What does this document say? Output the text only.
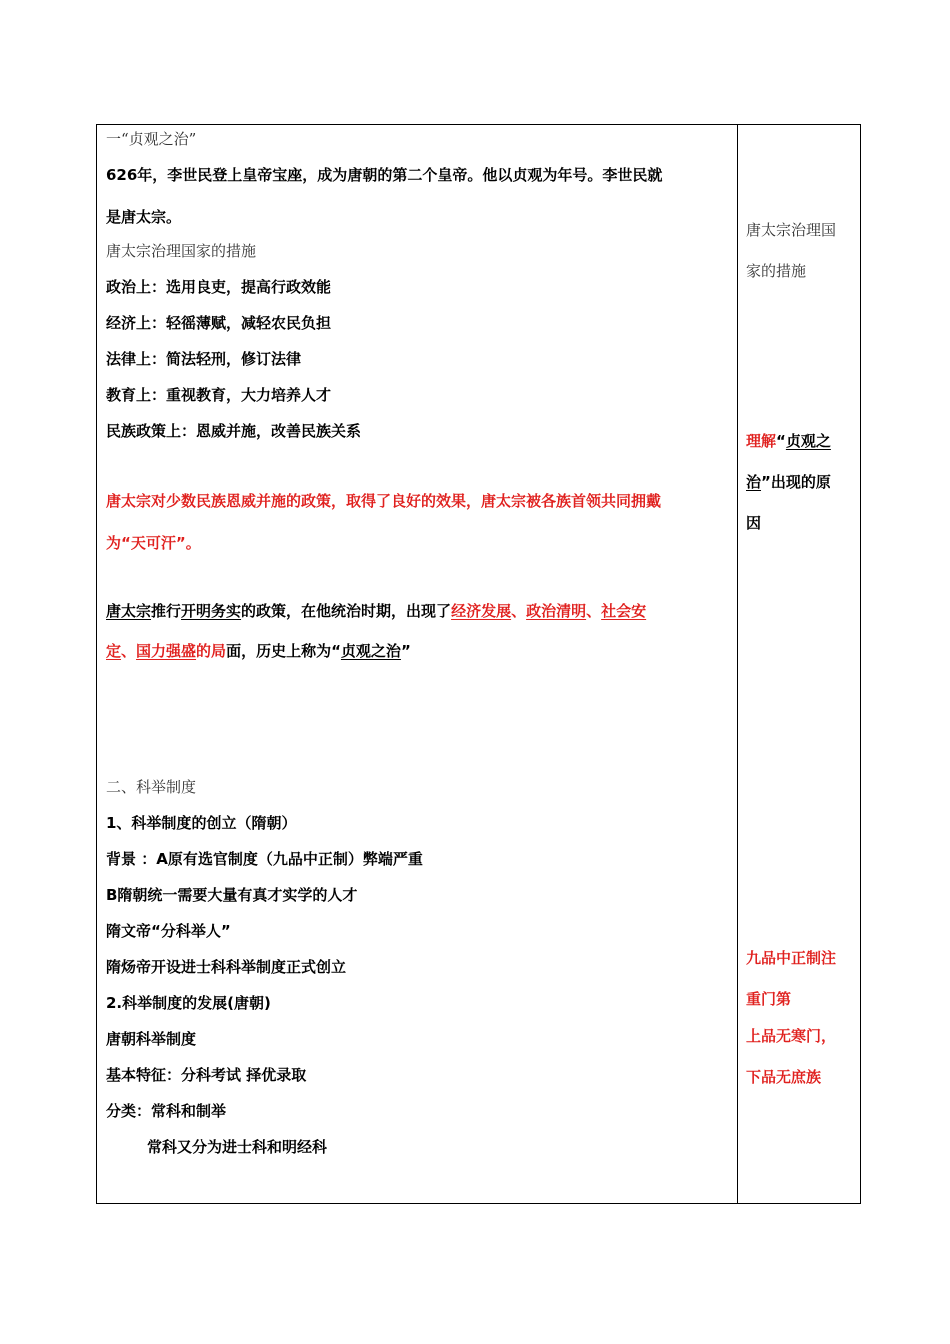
一“贞观之治”
626年，李世民登上皇帝宝座，成为唐朝的第二个皇帝。他以贞观为年号。李世民就
是唐太宗。
唐太宗治理国家的措施
政治上：选用良吏，提高行政效能
经济上：轻徭薄赋，减轻农民负担
法律上：简法轻刑，修订法律
教育上：重视教育，大力培养人才
民族政策上：恩威并施，改善民族关系
唐太宗对少数民族恩威并施的政策，取得了良好的效果，唐太宗被各族首领共同拥戴
为“天可汗”。
唐太宗推行开明务实的政策，在他统治时期，出现了经济发展、政治清明、社会安
定、国力强盛的局面，历史上称为“贞观之治”
二、科举制度
1、科举制度的创立（隋朝）
背景 ：A原有选官制度（九品中正制）弊端严重
B隋朝统一需要大量有真才实学的人才
隋文帝“分科举人”
隋炀帝开设进士科科举制度正式创立
2.科举制度的发展(唐朝)
唐朝科举制度
基本特征：分科考试 择优录取
分类：常科和制举
常科又分为进士科和明经科
唐太宗治理国
家的措施
理解“贞观之
治”出现的原
因
九品中正制注
重门第
上品无寒门，
下品无庶族
